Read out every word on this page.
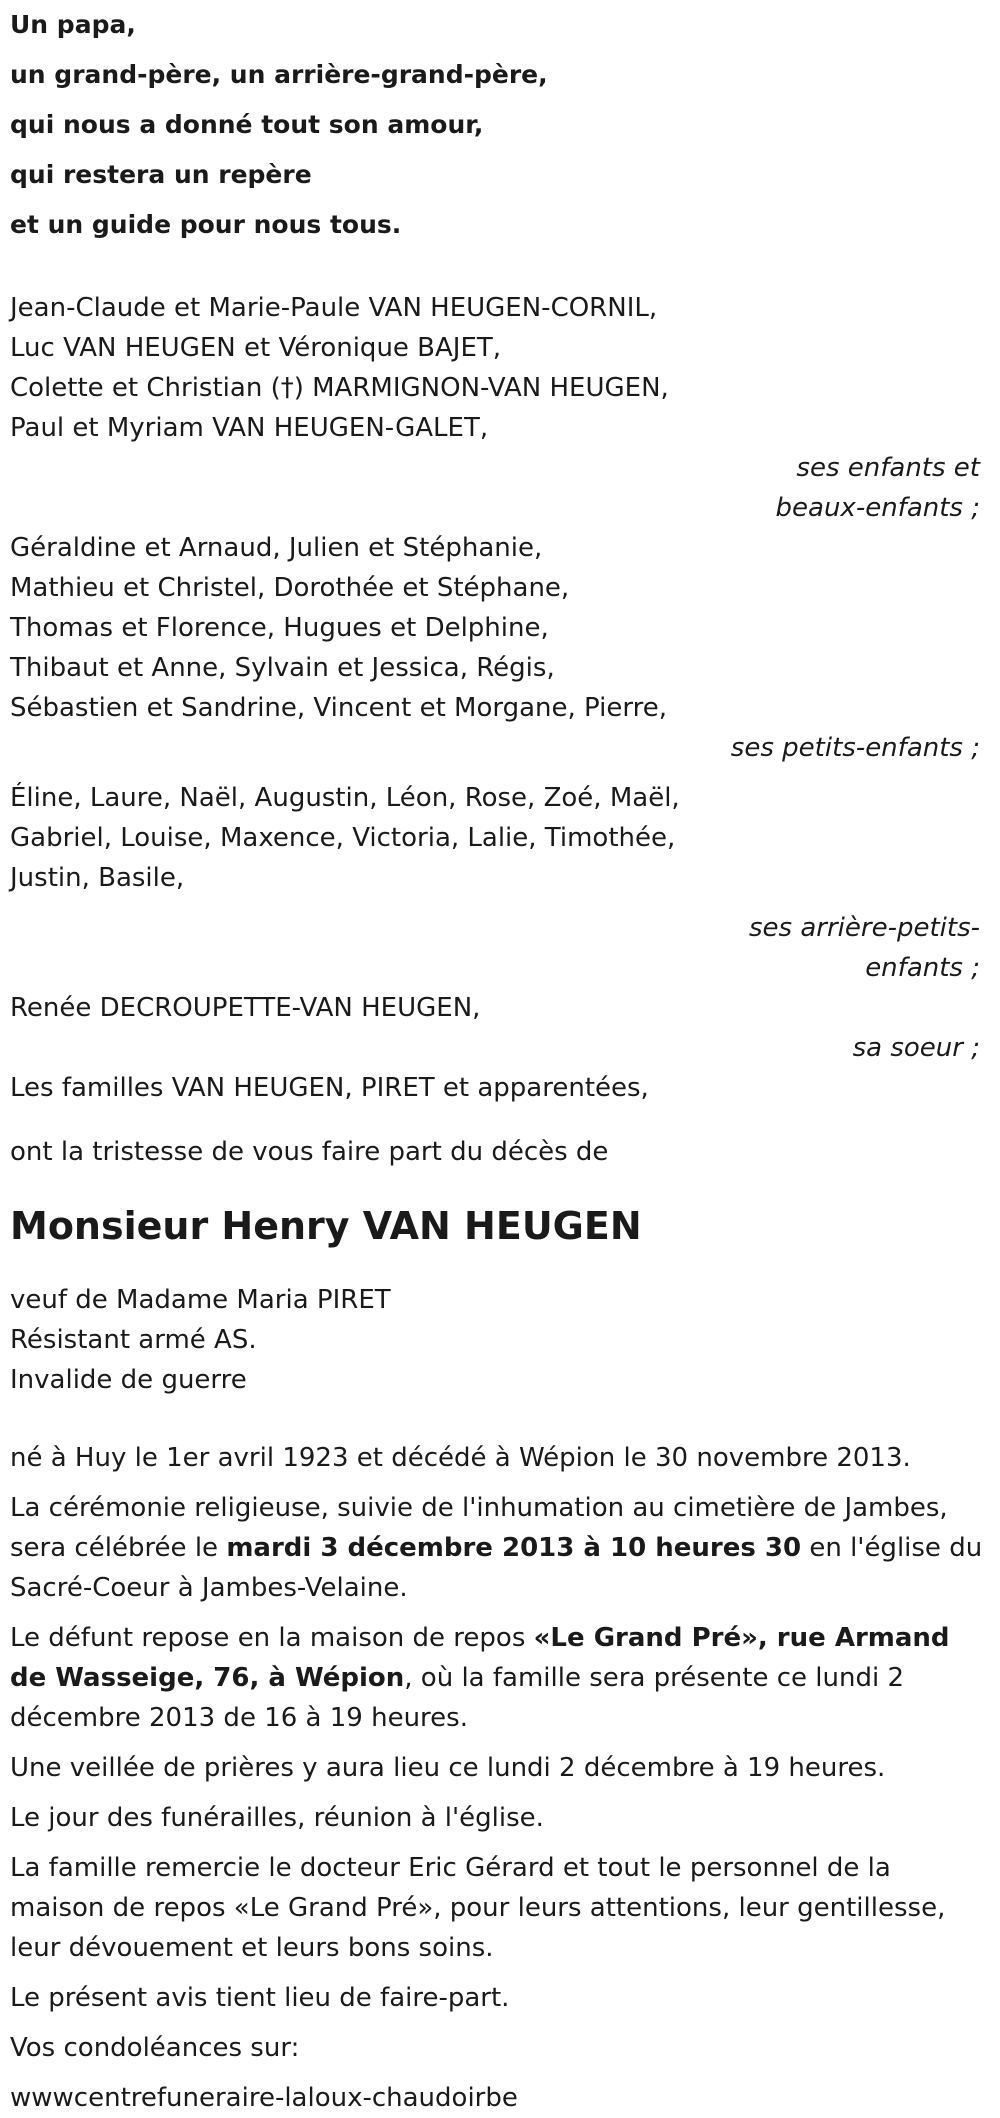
Un papa,
un grand-père, un arrière-grand-père,
qui nous a donné tout son amour,
qui restera un repère
et un guide pour nous tous.
Jean-Claude et Marie-Paule VAN HEUGEN-CORNIL,
Luc VAN HEUGEN et Véronique BAJET,
Colette et Christian (†) MARMIGNON-VAN HEUGEN,
Paul et Myriam VAN HEUGEN-GALET,
ses enfants et
beaux-enfants ;
Géraldine et Arnaud, Julien et Stéphanie,
Mathieu et Christel, Dorothée et Stéphane,
Thomas et Florence, Hugues et Delphine,
Thibaut et Anne, Sylvain et Jessica, Régis,
Sébastien et Sandrine, Vincent et Morgane, Pierre,
ses petits-enfants ;
Éline, Laure, Naël, Augustin, Léon, Rose, Zoé, Maël,
Gabriel, Louise, Maxence, Victoria, Lalie, Timothée,
Justin, Basile,
ses arrière-petits-
enfants ;
Renée DECROUPETTE-VAN HEUGEN,
sa soeur ;
Les familles VAN HEUGEN, PIRET et apparentées,
ont la tristesse de vous faire part du décès de
Monsieur Henry VAN HEUGEN
veuf de Madame Maria PIRET
Résistant armé AS.
Invalide de guerre
né à Huy le 1er avril 1923 et décédé à Wépion le 30 novembre 2013.
La cérémonie religieuse, suivie de l'inhumation au cimetière de Jambes, sera célébrée le mardi 3 décembre 2013 à 10 heures 30 en l'église du Sacré-Coeur à Jambes-Velaine.
Le défunt repose en la maison de repos «Le Grand Pré», rue Armand de Wasseige, 76, à Wépion, où la famille sera présente ce lundi 2 décembre 2013 de 16 à 19 heures.
Une veillée de prières y aura lieu ce lundi 2 décembre à 19 heures.
Le jour des funérailles, réunion à l'église.
La famille remercie le docteur Eric Gérard et tout le personnel de la maison de repos «Le Grand Pré», pour leurs attentions, leur gentillesse, leur dévouement et leurs bons soins.
Le présent avis tient lieu de faire-part.
Vos condoléances sur:
wwwcentrefuneraire-laloux-chaudoirbe
